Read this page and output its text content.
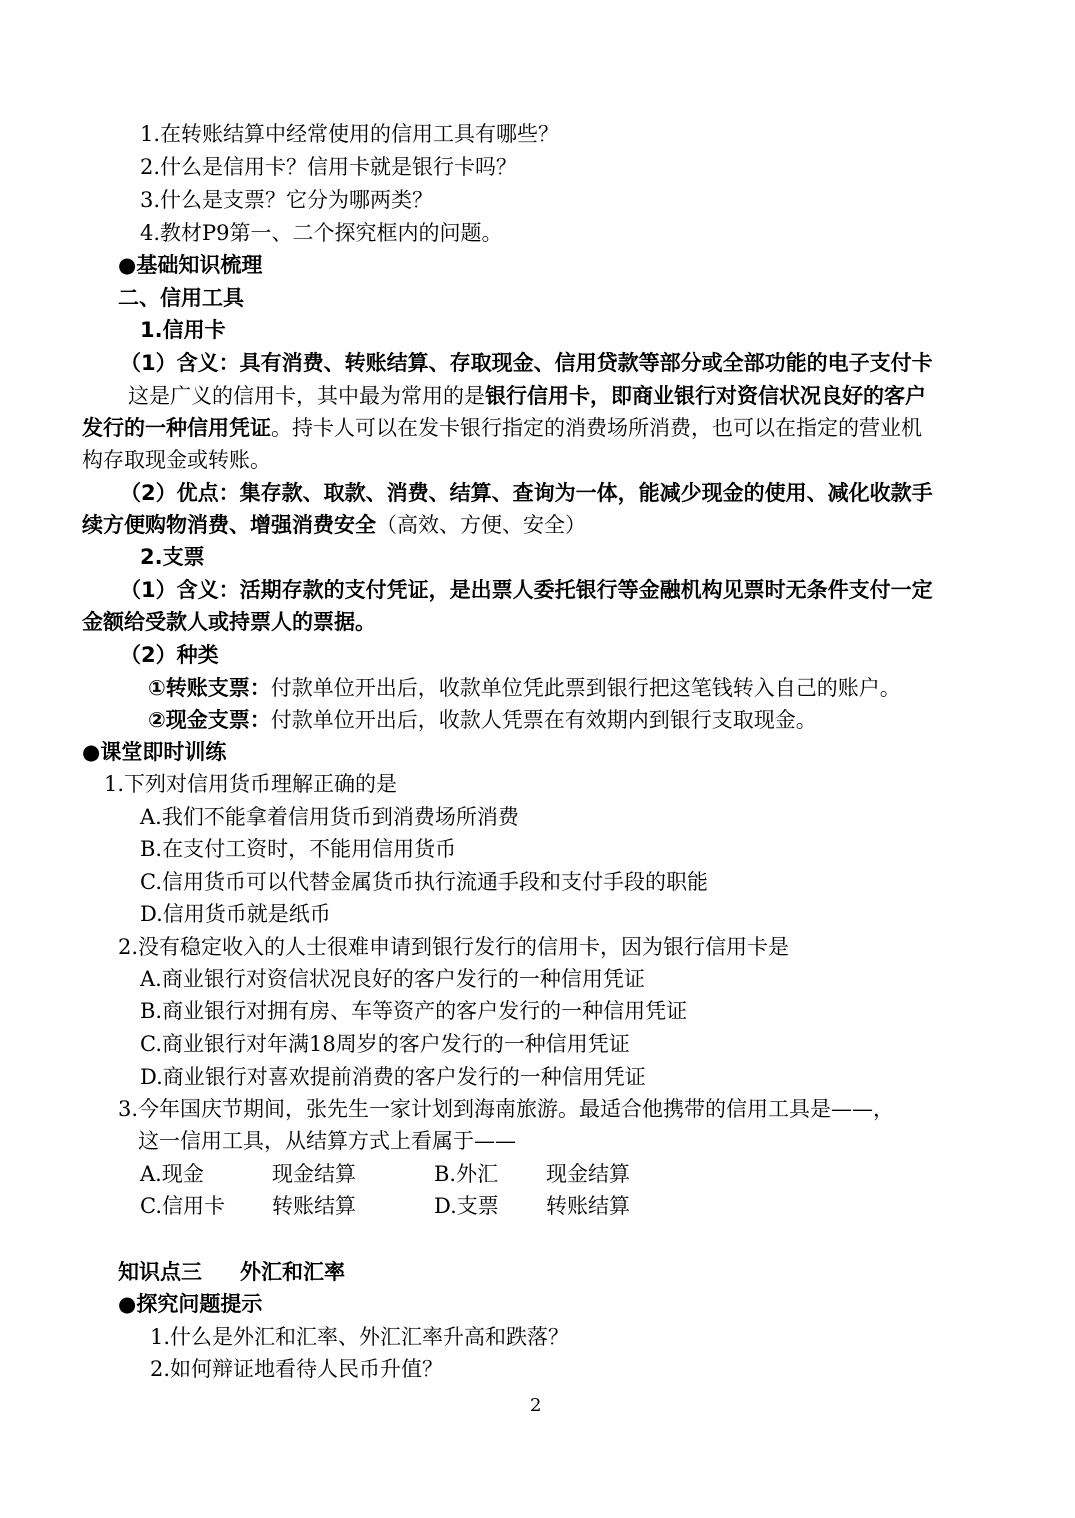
1.在转账结算中经常使用的信用工具有哪些？
2.什么是信用卡？信用卡就是银行卡吗？
3.什么是支票？它分为哪两类？
4.教材P9第一、二个探究框内的问题。
●基础知识梳理
二、信用工具
1.信用卡
（1）含义：具有消费、转账结算、存取现金、信用贷款等部分或全部功能的电子支付卡
这是广义的信用卡，其中最为常用的是银行信用卡，即商业银行对资信状况良好的客户
发行的一种信用凭证。持卡人可以在发卡银行指定的消费场所消费，也可以在指定的营业机
构存取现金或转账。
（2）优点：集存款、取款、消费、结算、查询为一体，能减少现金的使用、减化收款手
续方便购物消费、增强消费安全（高效、方便、安全）
2.支票
（1）含义：活期存款的支付凭证，是出票人委托银行等金融机构见票时无条件支付一定
金额给受款人或持票人的票据。
（2）种类
①转账支票：付款单位开出后，收款单位凭此票到银行把这笔钱转入自己的账户。
②现金支票：付款单位开出后，收款人凭票在有效期内到银行支取现金。
●课堂即时训练
1.下列对信用货币理解正确的是
A.我们不能拿着信用货币到消费场所消费
B.在支付工资时，不能用信用货币
C.信用货币可以代替金属货币执行流通手段和支付手段的职能
D.信用货币就是纸币
2.没有稳定收入的人士很难申请到银行发行的信用卡，因为银行信用卡是
A.商业银行对资信状况良好的客户发行的一种信用凭证
B.商业银行对拥有房、车等资产的客户发行的一种信用凭证
C.商业银行对年满18周岁的客户发行的一种信用凭证
D.商业银行对喜欢提前消费的客户发行的一种信用凭证
3.今年国庆节期间，张先生一家计划到海南旅游。最适合他携带的信用工具是——，
这一信用工具，从结算方式上看属于——
A.现金	现金结算	B.外汇 现金结算
C.信用卡 转账结算	D.支票 转账结算
知识点三 外汇和汇率
●探究问题提示
1.什么是外汇和汇率、外汇汇率升高和跌落？
2.如何辩证地看待人民币升值？
2
